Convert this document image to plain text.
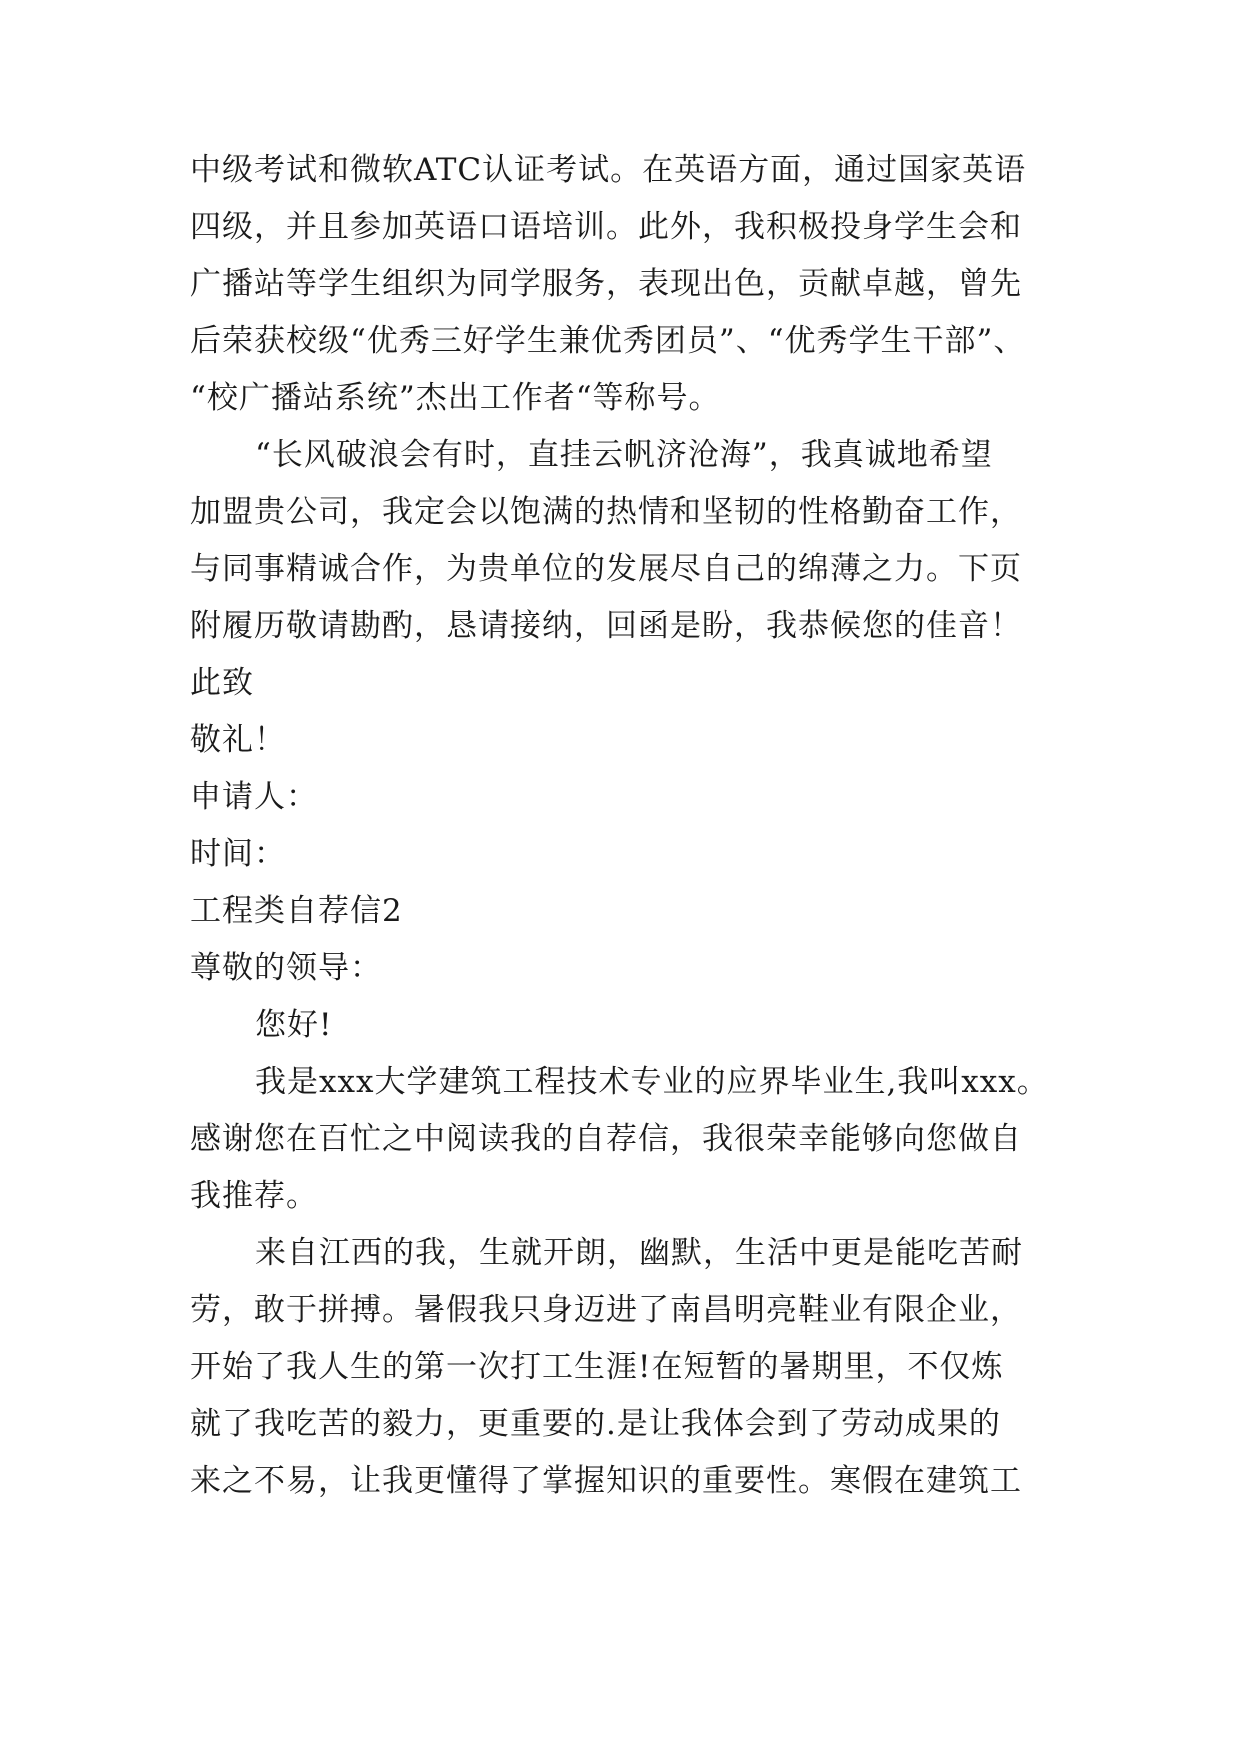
中级考试和微软ATC认证考试。在英语方面，通过国家英语
四级，并且参加英语口语培训。此外，我积极投身学生会和
广播站等学生组织为同学服务，表现出色，贡献卓越，曾先
后荣获校级“优秀三好学生兼优秀团员”、“优秀学生干部”、
“校广播站系统”杰出工作者“等称号。
“长风破浪会有时，直挂云帆济沧海”，我真诚地希望
加盟贵公司，我定会以饱满的热情和坚韧的性格勤奋工作，
与同事精诚合作，为贵单位的发展尽自己的绵薄之力。下页
附履历敬请勘酌，恳请接纳，回函是盼，我恭候您的佳音！
此致
敬礼！
申请人：
时间：
工程类自荐信2
尊敬的领导：
您好!
我是xxx大学建筑工程技术专业的应界毕业生,我叫xxx。
感谢您在百忙之中阅读我的自荐信，我很荣幸能够向您做自
我推荐。
来自江西的我，生就开朗，幽默，生活中更是能吃苦耐
劳，敢于拼搏。暑假我只身迈进了南昌明亮鞋业有限企业，
开始了我人生的第一次打工生涯!在短暂的暑期里，不仅炼
就了我吃苦的毅力，更重要的.是让我体会到了劳动成果的
来之不易，让我更懂得了掌握知识的重要性。寒假在建筑工
